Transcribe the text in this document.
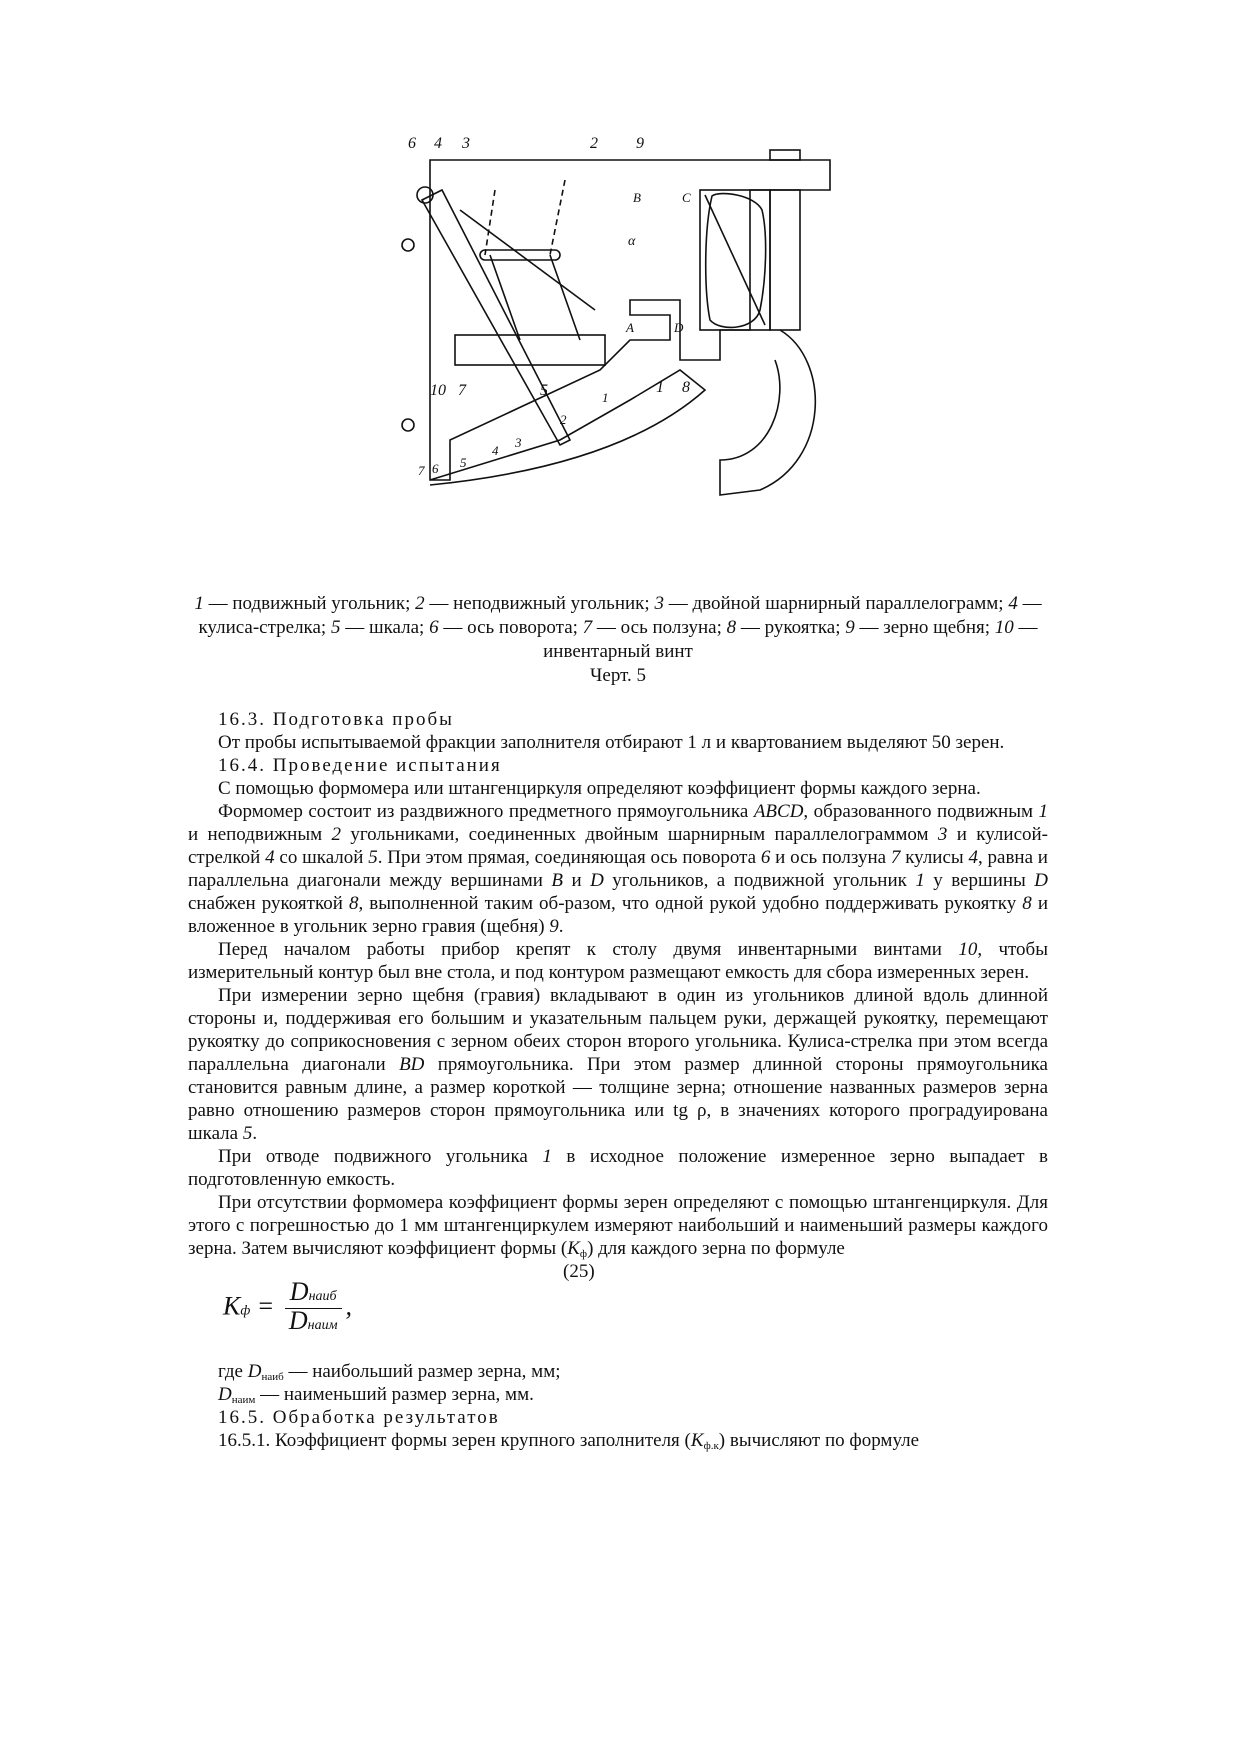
6 4 3	2 9
10 7	5	1 8
B	C
A	D
α
7 6 5
4
3
2
1
1 — подвижный угольник; 2 — неподвижный угольник; 3 — двойной шарнирный параллелограмм; 4 — кулиса-стрелка; 5 — шкала; 6 — ось поворота; 7 — ось ползуна; 8 — рукоятка; 9 — зерно щебня; 10 — инвентарный винт
Черт. 5

16.3. Подготовка пробы

От пробы испытываемой фракции заполнителя отбирают 1 л и квартованием выделяют 50 зерен.

16.4. Проведение испытания

С помощью формомера или штангенциркуля определяют коэффициент формы каждого зерна.

Формомер состоит из раздвижного предметного прямоугольника ABCD, образованного подвижным 1 и неподвижным 2 угольниками, соединенных двойным шарнирным параллелограммом 3 и кулисой-стрелкой 4 со шкалой 5. При этом прямая, соединяющая ось поворота 6 и ось ползуна 7 кулисы 4, равна и параллельна диагонали между вершинами B и D угольников, а подвижной угольник 1 у вершины D снабжен рукояткой 8, выполненной таким об-разом, что одной рукой удобно поддерживать рукоятку 8 и вложенное в угольник зерно гравия (щебня) 9.

Перед началом работы прибор крепят к столу двумя инвентарными винтами 10, чтобы измерительный контур был вне стола, и под контуром размещают емкость для сбора измеренных зерен.

При измерении зерно щебня (гравия) вкладывают в один из угольников длиной вдоль длинной стороны и, поддерживая его большим и указательным пальцем руки, держащей рукоятку, перемещают рукоятку до соприкосновения с зерном обеих сторон второго угольника. Кулиса-стрелка при этом всегда параллельна диагонали BD прямоугольника. При этом размер длинной стороны прямоугольника становится равным длине, а размер короткой — толщине зерна; отношение названных размеров зерна равно отношению размеров сторон прямоугольника или tg ρ, в значениях которого проградуирована шкала 5.

При отводе подвижного угольника 1 в исходное положение измеренное зерно выпадает в подготовленную емкость.

При отсутствии формомера коэффициент формы зерен определяют с помощью штангенциркуля. Для этого с погрешностью до 1 мм штангенциркулем измеряют наибольший и наименьший размеры каждого зерна. Затем вычисляют коэффициент формы $(K_ф)$ для каждого зерна по формуле

(25)
Kф = $\frac{\text{Dнаиб}}{\text{Dнаим}}$ ,

где $D_{наиб}$ — наибольший размер зерна, мм;

$D_{наим}$ — наименьший размер зерна, мм.

16.5. Обработка результатов

16.5.1. Коэффициент формы зерен крупного заполнителя $(K_{ф.к})$ вычисляют по формуле
